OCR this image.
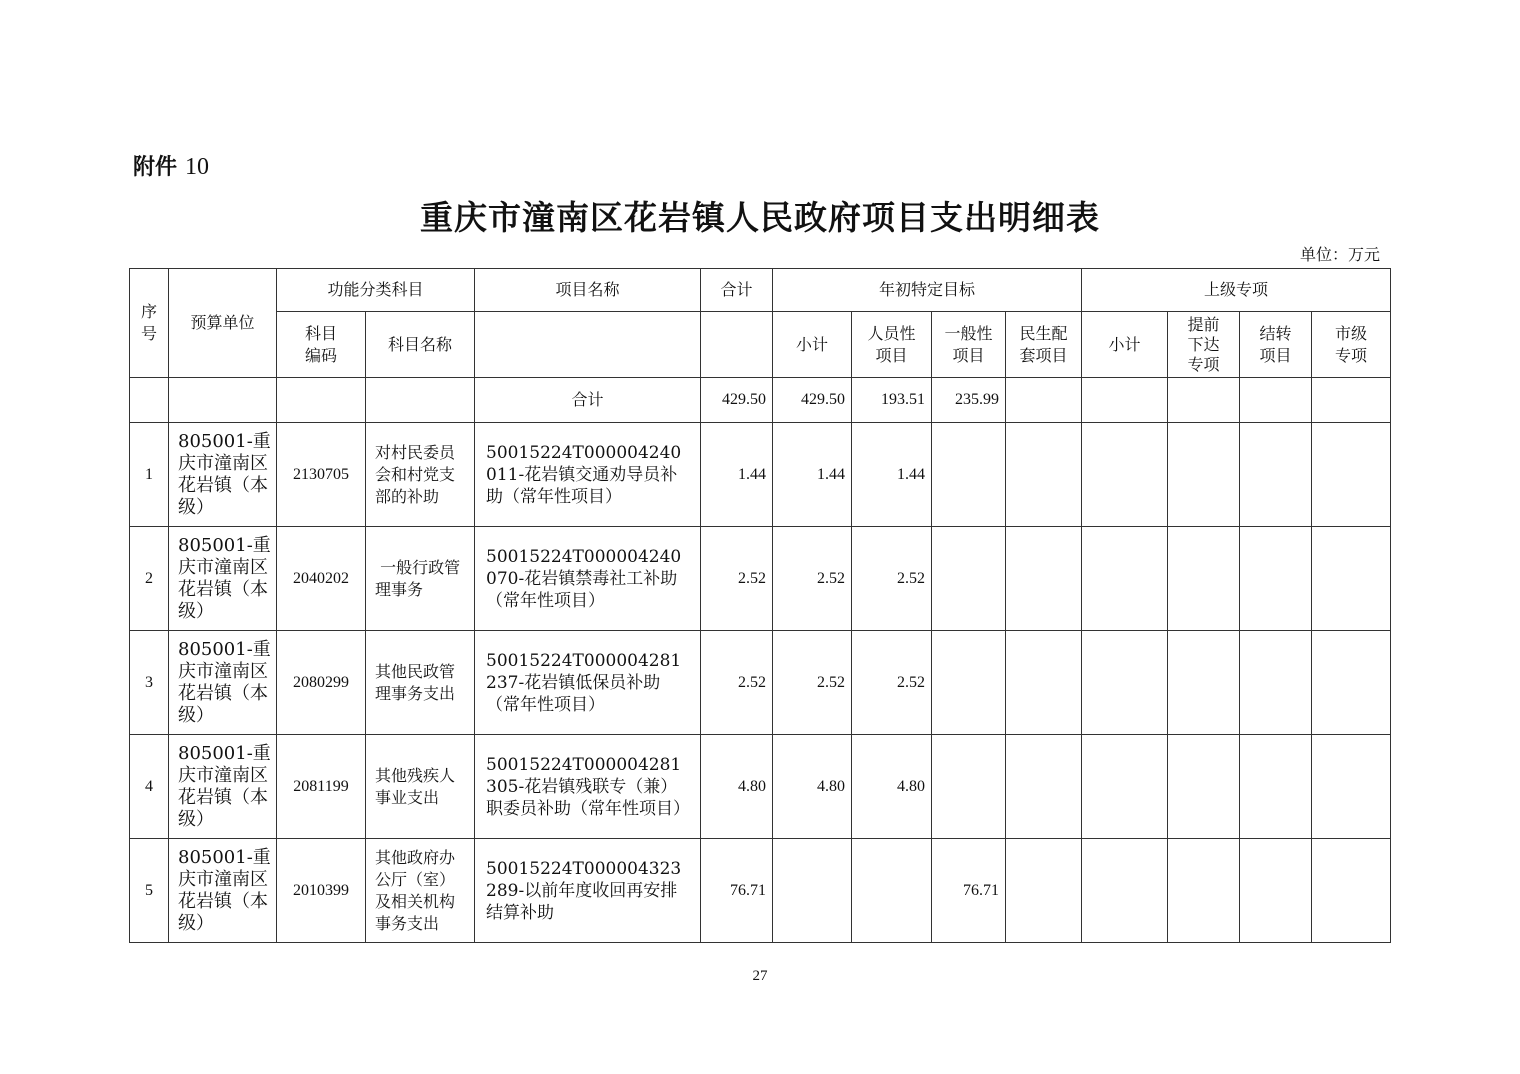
附件 10
重庆市潼南区花岩镇人民政府项目支出明细表
单位：万元
序号	预算单位	功能分类科目		项目名称	合计	年初特定目标				上级专项			
		科目编码	科目名称			小计	人员性项目	一般性项目	民生配套项目	小计	提前下达专项	结转项目	市级专项
				合计	429.50	429.50	193.51	235.99					
1	805001-重庆市潼南区花岩镇（本级）	2130705	对村民委员会和村党支部的补助	50015224T000004240011-花岩镇交通劝导员补助（常年性项目）	1.44	1.44	1.44						
2	805001-重庆市潼南区花岩镇（本级）	2040202	一般行政管理事务	50015224T000004240070-花岩镇禁毒社工补助（常年性项目）	2.52	2.52	2.52						
3	805001-重庆市潼南区花岩镇（本级）	2080299	其他民政管理事务支出	50015224T000004281237-花岩镇低保员补助（常年性项目）	2.52	2.52	2.52						
4	805001-重庆市潼南区花岩镇（本级）	2081199	其他残疾人事业支出	50015224T000004281305-花岩镇残联专（兼）职委员补助（常年性项目）	4.80	4.80	4.80						
5	805001-重庆市潼南区花岩镇（本级）	2010399	其他政府办公厅（室）及相关机构事务支出	50015224T000004323289-以前年度收回再安排结算补助	76.71			76.71					
27
